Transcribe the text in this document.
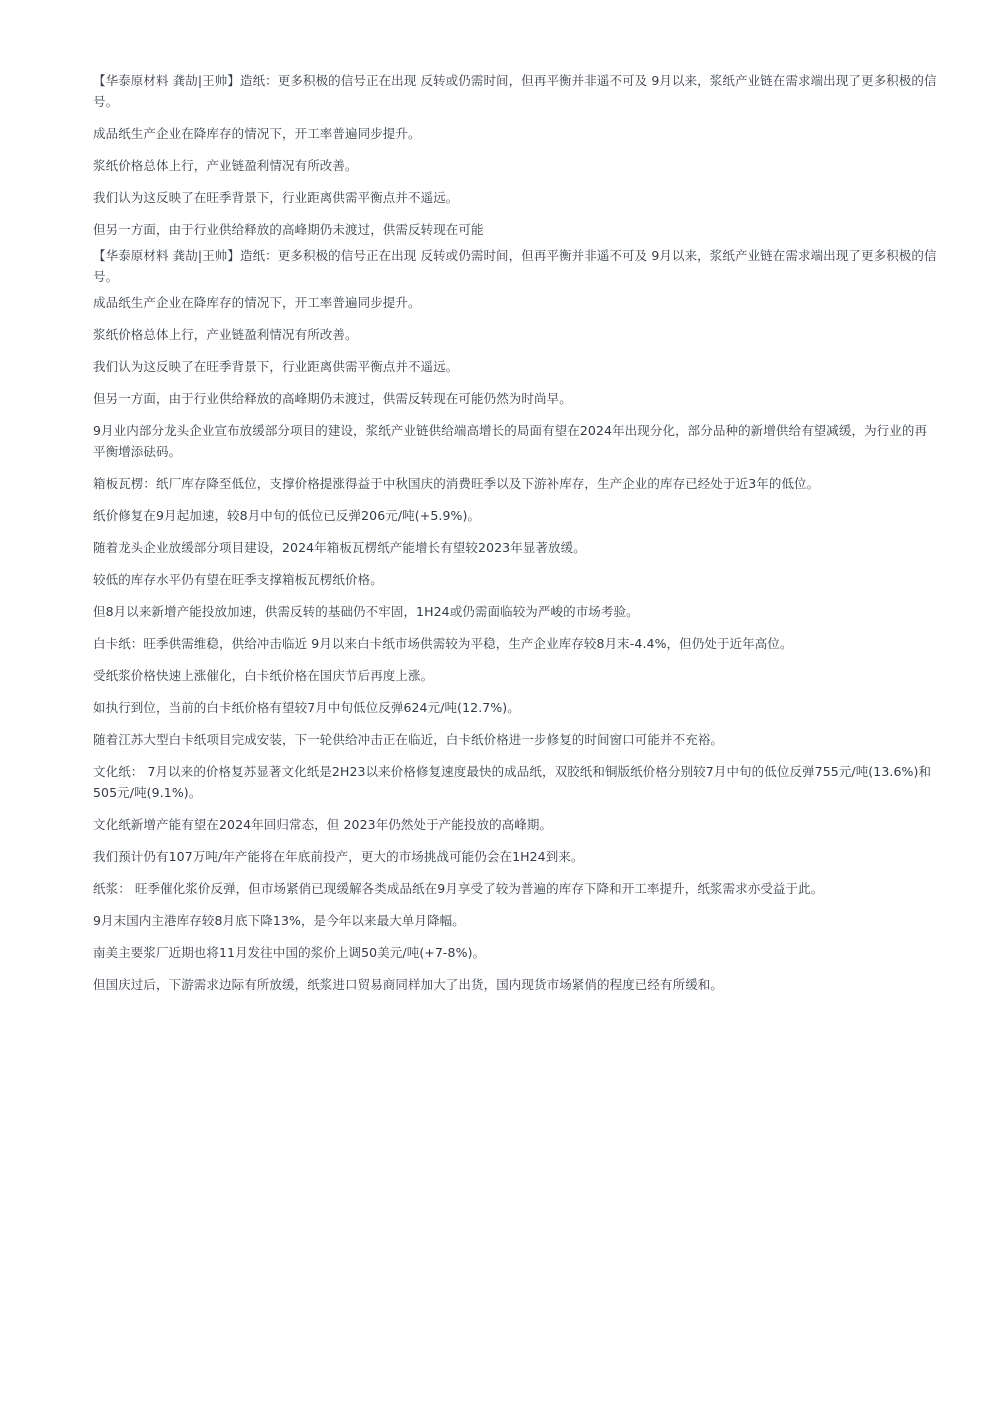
【华泰原材料 龚劼|王帅】造纸：更多积极的信号正在出现 反转或仍需时间，但再平衡并非遥不可及 9月以来，浆纸产业链在需求端出现了更多积极的信号。

成品纸生产企业在降库存的情况下，开工率普遍同步提升。

浆纸价格总体上行，产业链盈利情况有所改善。

我们认为这反映了在旺季背景下，行业距离供需平衡点并不遥远。

但另一方面，由于行业供给释放的高峰期仍未渡过，供需反转现在可能

【华泰原材料 龚劼|王帅】造纸：更多积极的信号正在出现 反转或仍需时间，但再平衡并非遥不可及 9月以来，浆纸产业链在需求端出现了更多积极的信号。

成品纸生产企业在降库存的情况下，开工率普遍同步提升。

浆纸价格总体上行，产业链盈利情况有所改善。

我们认为这反映了在旺季背景下，行业距离供需平衡点并不遥远。

但另一方面，由于行业供给释放的高峰期仍未渡过，供需反转现在可能仍然为时尚早。

9月业内部分龙头企业宣布放缓部分项目的建设，浆纸产业链供给端高增长的局面有望在2024年出现分化，部分品种的新增供给有望减缓，为行业的再平衡增添砝码。

箱板瓦楞：纸厂库存降至低位，支撑价格提涨得益于中秋国庆的消费旺季以及下游补库存，生产企业的库存已经处于近3年的低位。

纸价修复在9月起加速，较8月中旬的低位已反弹206元/吨(+5.9%)。

随着龙头企业放缓部分项目建设，2024年箱板瓦楞纸产能增长有望较2023年显著放缓。

较低的库存水平仍有望在旺季支撑箱板瓦楞纸价格。

但8月以来新增产能投放加速，供需反转的基础仍不牢固，1H24或仍需面临较为严峻的市场考验。

白卡纸：旺季供需维稳，供给冲击临近 9月以来白卡纸市场供需较为平稳，生产企业库存较8月末-4.4%，但仍处于近年高位。

受纸浆价格快速上涨催化，白卡纸价格在国庆节后再度上涨。

如执行到位，当前的白卡纸价格有望较7月中旬低位反弹624元/吨(12.7%)。

随着江苏大型白卡纸项目完成安装，下一轮供给冲击正在临近，白卡纸价格进一步修复的时间窗口可能并不充裕。

文化纸： 7月以来的价格复苏显著文化纸是2H23以来价格修复速度最快的成品纸，双胶纸和铜版纸价格分别较7月中旬的低位反弹755元/吨(13.6%)和505元/吨(9.1%)。

文化纸新增产能有望在2024年回归常态，但 2023年仍然处于产能投放的高峰期。

我们预计仍有107万吨/年产能将在年底前投产，更大的市场挑战可能仍会在1H24到来。

纸浆： 旺季催化浆价反弹，但市场紧俏已现缓解各类成品纸在9月享受了较为普遍的库存下降和开工率提升，纸浆需求亦受益于此。

9月末国内主港库存较8月底下降13%，是今年以来最大单月降幅。

南美主要浆厂近期也将11月发往中国的浆价上调50美元/吨(+7-8%)。

但国庆过后，下游需求边际有所放缓，纸浆进口贸易商同样加大了出货，国内现货市场紧俏的程度已经有所缓和。
